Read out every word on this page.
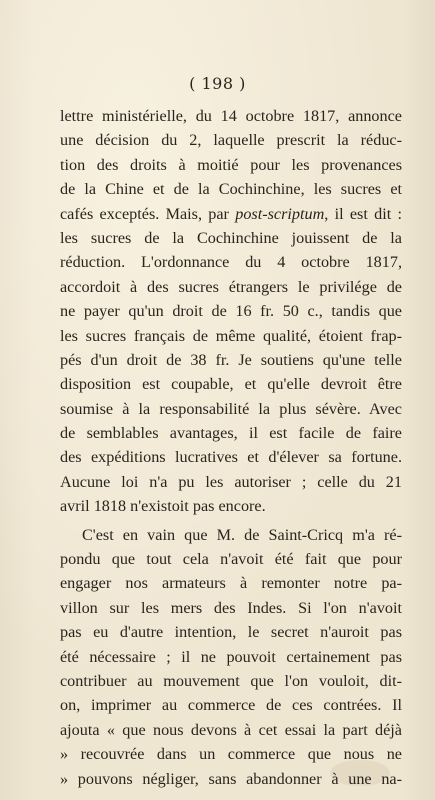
( 198 )
lettre ministérielle, du 14 octobre 1817, annonce
une décision du 2, laquelle prescrit la réduc-
tion des droits à moitié pour les provenances
de la Chine et de la Cochinchine, les sucres et
cafés exceptés. Mais, par post-scriptum, il est dit :
les sucres de la Cochinchine jouissent de la
réduction. L'ordonnance du 4 octobre 1817,
accordoit à des sucres étrangers le privilége de
ne payer qu'un droit de 16 fr. 50 c., tandis que
les sucres français de même qualité, étoient frap-
pés d'un droit de 38 fr. Je soutiens qu'une telle
disposition est coupable, et qu'elle devroit être
soumise à la responsabilité la plus sévère. Avec
de semblables avantages, il est facile de faire
des expéditions lucratives et d'élever sa fortune.
Aucune loi n'a pu les autoriser ; celle du 21
avril 1818 n'existoit pas encore.
C'est en vain que M. de Saint-Cricq m'a ré-
pondu que tout cela n'avoit été fait que pour
engager nos armateurs à remonter notre pa-
villon sur les mers des Indes. Si l'on n'avoit
pas eu d'autre intention, le secret n'auroit pas
été nécessaire ; il ne pouvoit certainement pas
contribuer au mouvement que l'on vouloit, dit-
on, imprimer au commerce de ces contrées. Il
ajouta « que nous devons à cet essai la part déjà
» recouvrée dans un commerce que nous ne
» pouvons négliger, sans abandonner à une na-
